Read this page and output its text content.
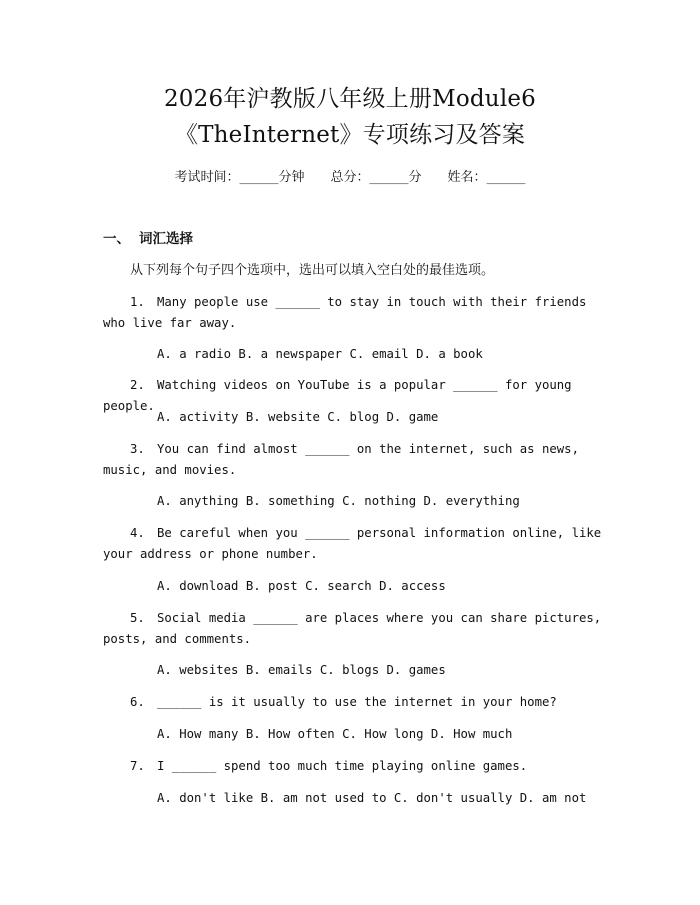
2026年沪教版八年级上册Module6
《TheInternet》专项练习及答案
考试时间：______分钟 总分：______分 姓名：______
一、 词汇选择
从下列每个句子四个选项中，选出可以填入空白处的最佳选项。
1. Many people use ______ to stay in touch with their friends who live far away.
A. a radio B. a newspaper C. email D. a book
2. Watching videos on YouTube is a popular ______ for young people.
A. activity B. website C. blog D. game
3. You can find almost ______ on the internet, such as news, music, and movies.
A. anything B. something C. nothing D. everything
4. Be careful when you ______ personal information online, like your address or phone number.
A. download B. post C. search D. access
5. Social media ______ are places where you can share pictures, posts, and comments.
A. websites B. emails C. blogs D. games
6. ______ is it usually to use the internet in your home?
A. How many B. How often C. How long D. How much
7. I ______ spend too much time playing online games.
A. don't like B. am not used to C. don't usually D. am not
